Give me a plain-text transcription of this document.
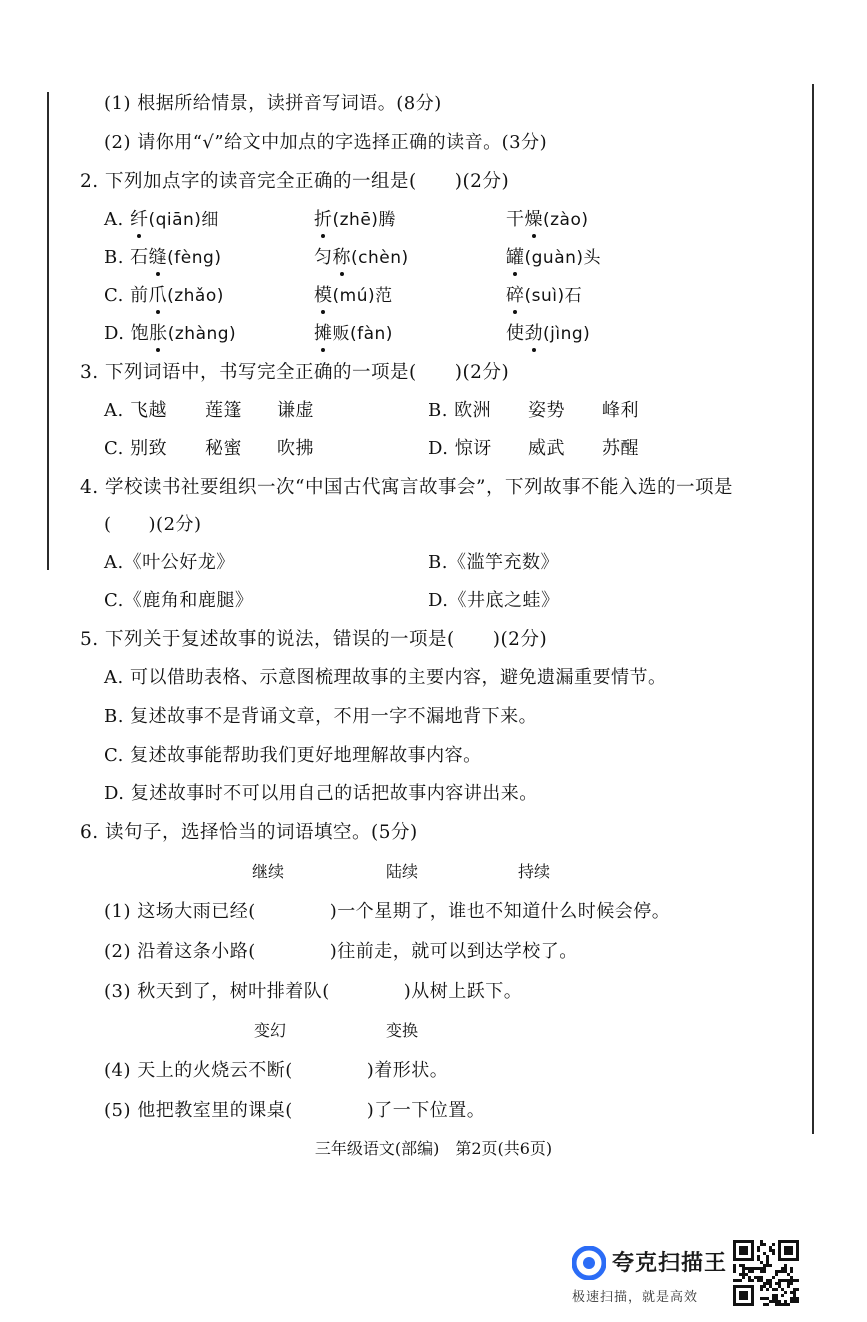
(1) 根据所给情景，读拼音写词语。(8分)
(2) 请你用“√”给文中加点的字选择正确的读音。(3分)
2. 下列加点字的读音完全正确的一组是(　　)(2分)
A. 纤(qiān)细	折(zhē)腾	干燥(zào)
B. 石缝(fèng)	匀称(chèn)	罐(guàn)头
C. 前爪(zhǎo)	模(mú)范	碎(suì)石
D. 饱胀(zhàng)	摊贩(fàn)	使劲(jìng)
3. 下列词语中，书写完全正确的一项是(　　)(2分)
A. 飞越 莲篷 谦虚	B. 欧洲 姿势 峰利
C. 别致 秘蜜 吹拂	D. 惊讶 威武 苏醒
4. 学校读书社要组织一次“中国古代寓言故事会”，下列故事不能入选的一项是
(　　)(2分)
A.《叶公好龙》	B.《滥竽充数》
C.《鹿角和鹿腿》	D.《井底之蛙》
5. 下列关于复述故事的说法，错误的一项是(　　)(2分)
A. 可以借助表格、示意图梳理故事的主要内容，避免遗漏重要情节。
B. 复述故事不是背诵文章，不用一字不漏地背下来。
C. 复述故事能帮助我们更好地理解故事内容。
D. 复述故事时不可以用自己的话把故事内容讲出来。
6. 读句子，选择恰当的词语填空。(5分)
继续	陆续	持续
(1) 这场大雨已经(　　　　)一个星期了，谁也不知道什么时候会停。
(2) 沿着这条小路(　　　　)往前走，就可以到达学校了。
(3) 秋天到了，树叶排着队(　　　　)从树上跃下。
变幻	变换
(4) 天上的火烧云不断(　　　　)着形状。
(5) 他把教室里的课桌(　　　　)了一下位置。
三年级语文(部编)　第2页(共6页)
夸克扫描王
极速扫描，就是高效
